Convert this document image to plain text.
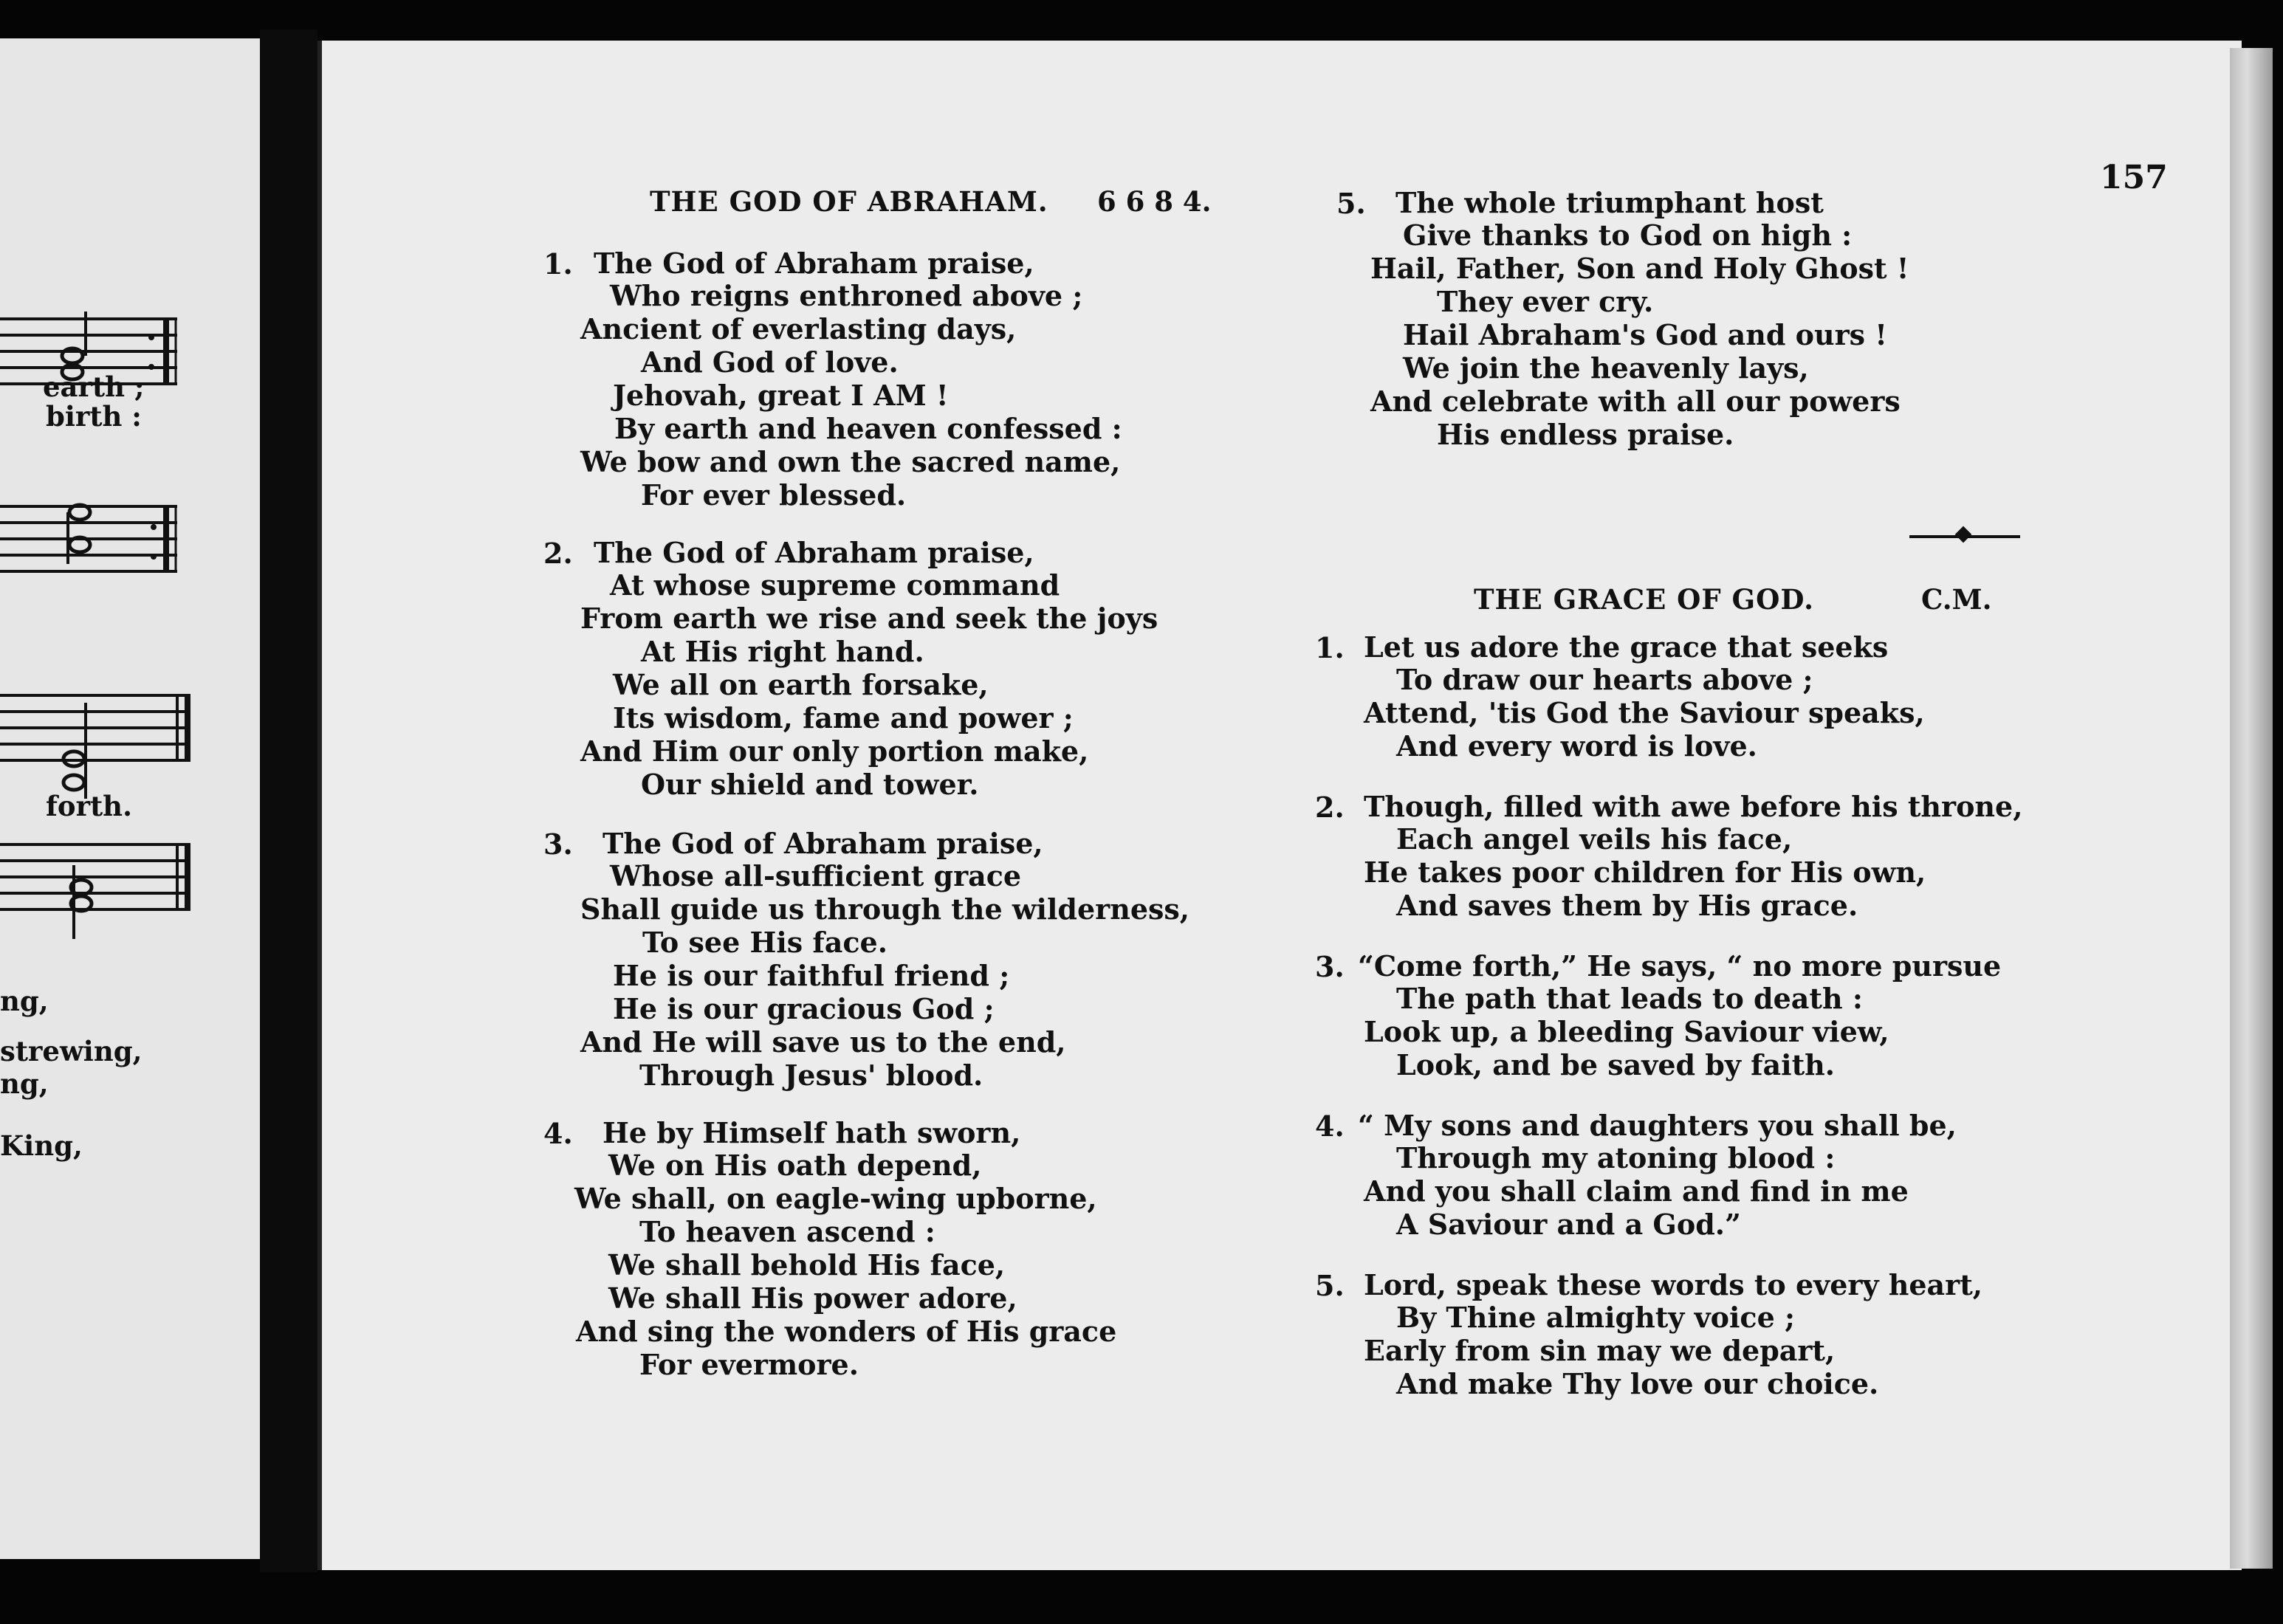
earth ;
birth :
forth.
ng,
strewing,
ng,
King,
157
THE GOD OF ABRAHAM. 6 6 8 4.
1. The God of Abraham praise,
Who reigns enthroned above ;
Ancient of everlasting days,
And God of love.
Jehovah, great I AM !
By earth and heaven confessed :
We bow and own the sacred name,
For ever blessed.
2. The God of Abraham praise,
At whose supreme command
From earth we rise and seek the joys
At His right hand.
We all on earth forsake,
Its wisdom, fame and power ;
And Him our only portion make,
Our shield and tower.
3. The God of Abraham praise,
Whose all-sufficient grace
Shall guide us through the wilderness,
To see His face.
He is our faithful friend ;
He is our gracious God ;
And He will save us to the end,
Through Jesus' blood.
4. He by Himself hath sworn,
We on His oath depend,
We shall, on eagle-wing upborne,
To heaven ascend :
We shall behold His face,
We shall His power adore,
And sing the wonders of His grace
For evermore.
5. The whole triumphant host
Give thanks to God on high :
Hail, Father, Son and Holy Ghost !
They ever cry.
Hail Abraham's God and ours !
We join the heavenly lays,
And celebrate with all our powers
His endless praise.
THE GRACE OF GOD.	C.M.
1. Let us adore the grace that seeks
To draw our hearts above ;
Attend, 'tis God the Saviour speaks,
And every word is love.
2. Though, filled with awe before his throne,
Each angel veils his face,
He takes poor children for His own,
And saves them by His grace.
3. “Come forth,” He says, “ no more pursue
The path that leads to death :
Look up, a bleeding Saviour view,
Look, and be saved by faith.
4. “ My sons and daughters you shall be,
Through my atoning blood :
And you shall claim and find in me
A Saviour and a God.”
5. Lord, speak these words to every heart,
By Thine almighty voice ;
Early from sin may we depart,
And make Thy love our choice.
